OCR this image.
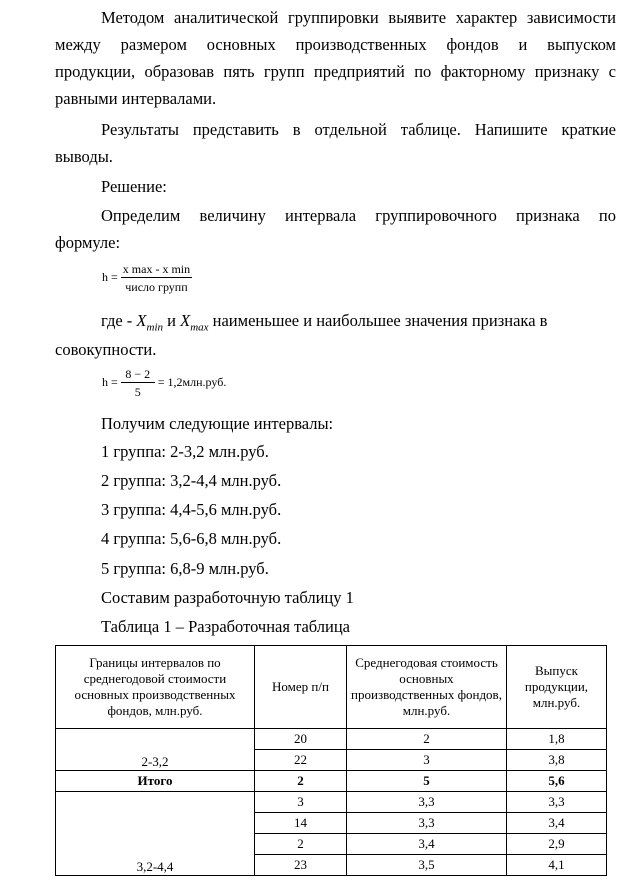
Методом аналитической группировки выявите характер зависимости

между размером основных производственных фондов и выпуском

продукции, образовав пять групп предприятий по факторному признаку с

равными интервалами.

Результаты представить в отдельной таблице. Напишите краткие

выводы.

Решение:

Определим величину интервала группировочного признака по

формуле:

$h = \frac{\text{x max - x min}}{\text{число групп}}$

где - $X_{min}$ и $X_{max}$ наименьшее и наибольшее значения признака в

совокупности.

$h = \frac{8 - 2}{5} = 1,2млн.руб$.

Получим следующие интервалы:

1 группа: 2-3,2 млн.руб.

2 группа: 3,2-4,4 млн.руб.

3 группа: 4,4-5,6 млн.руб.

4 группа: 5,6-6,8 млн.руб.

5 группа: 6,8-9 млн.руб.

Составим разработочную таблицу 1

Таблица 1 – Разработочная таблица

Границы интервалов по среднегодовой стоимости основных производственных фондов, млн.руб.	Номер п/п	Среднегодовая стоимость основных производственных фондов, млн.руб.	Выпуск продукции, млн.руб.
2-3,2	20	2	1,8
	22	3	3,8
Итого	2	5	5,6
3,2-4,4	3	3,3	3,3
	14	3,3	3,4
	2	3,4	2,9
	23	3,5	4,1
